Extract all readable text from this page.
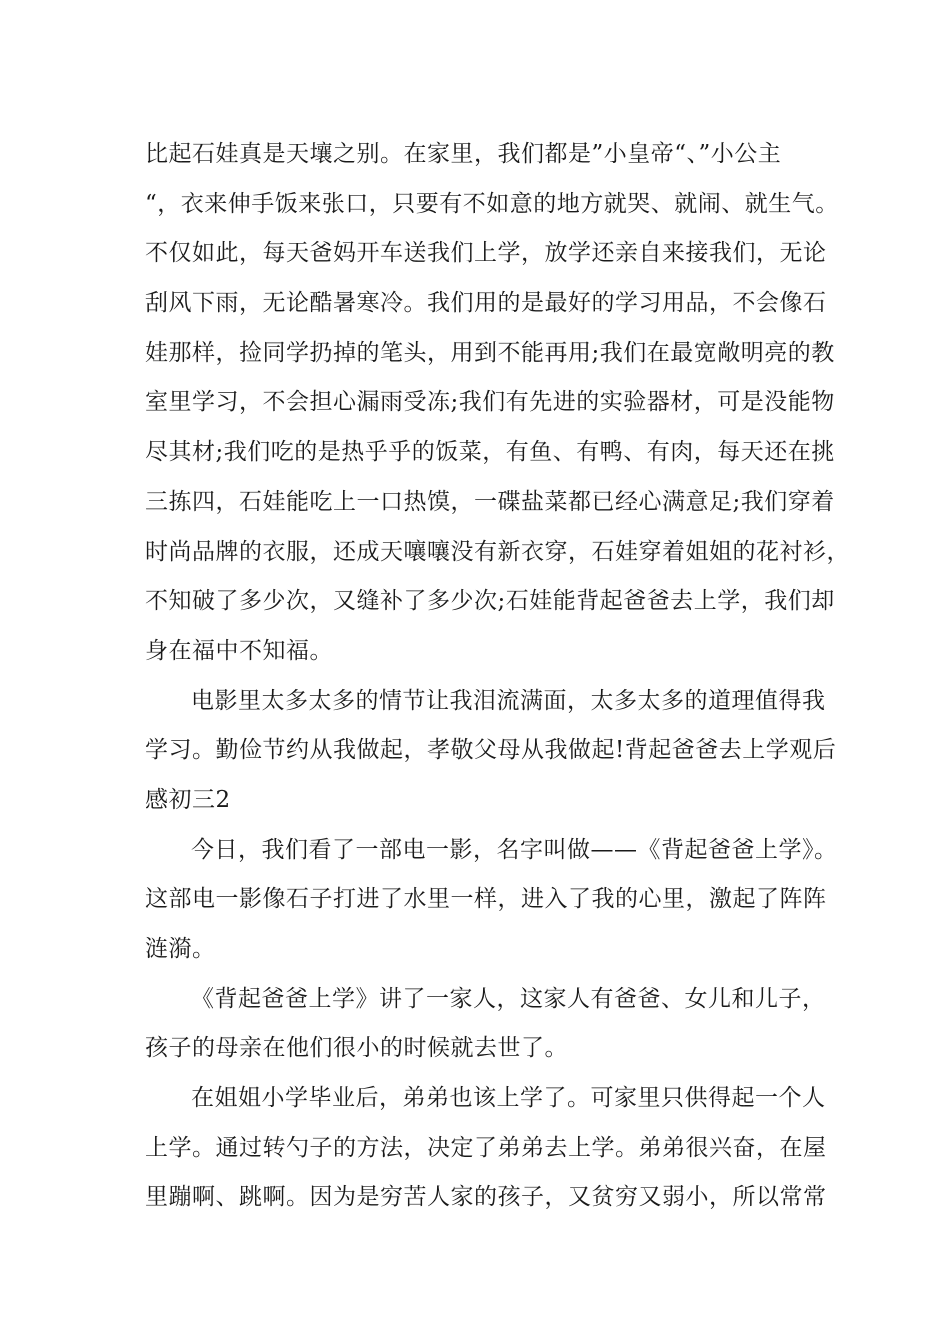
比起石娃真是天壤之别。在家里，我们都是”小皇帝“、”小公主
“，衣来伸手饭来张口，只要有不如意的地方就哭、就闹、就生气。
不仅如此，每天爸妈开车送我们上学，放学还亲自来接我们，无论
刮风下雨，无论酷暑寒冷。我们用的是最好的学习用品，不会像石
娃那样，捡同学扔掉的笔头，用到不能再用;我们在最宽敞明亮的教
室里学习，不会担心漏雨受冻;我们有先进的实验器材，可是没能物
尽其材;我们吃的是热乎乎的饭菜，有鱼、有鸭、有肉，每天还在挑
三拣四，石娃能吃上一口热馍，一碟盐菜都已经心满意足;我们穿着
时尚品牌的衣服，还成天嚷嚷没有新衣穿，石娃穿着姐姐的花衬衫，
不知破了多少次，又缝补了多少次;石娃能背起爸爸去上学，我们却
身在福中不知福。
电影里太多太多的情节让我泪流满面，太多太多的道理值得我
学习。勤俭节约从我做起，孝敬父母从我做起!背起爸爸去上学观后
感初三2
今日，我们看了一部电一影，名字叫做——《背起爸爸上学》。
这部电一影像石子打进了水里一样，进入了我的心里，激起了阵阵
涟漪。
《背起爸爸上学》讲了一家人，这家人有爸爸、女儿和儿子，
孩子的母亲在他们很小的时候就去世了。
在姐姐小学毕业后，弟弟也该上学了。可家里只供得起一个人
上学。通过转勺子的方法，决定了弟弟去上学。弟弟很兴奋，在屋
里蹦啊、跳啊。因为是穷苦人家的孩子，又贫穷又弱小，所以常常
